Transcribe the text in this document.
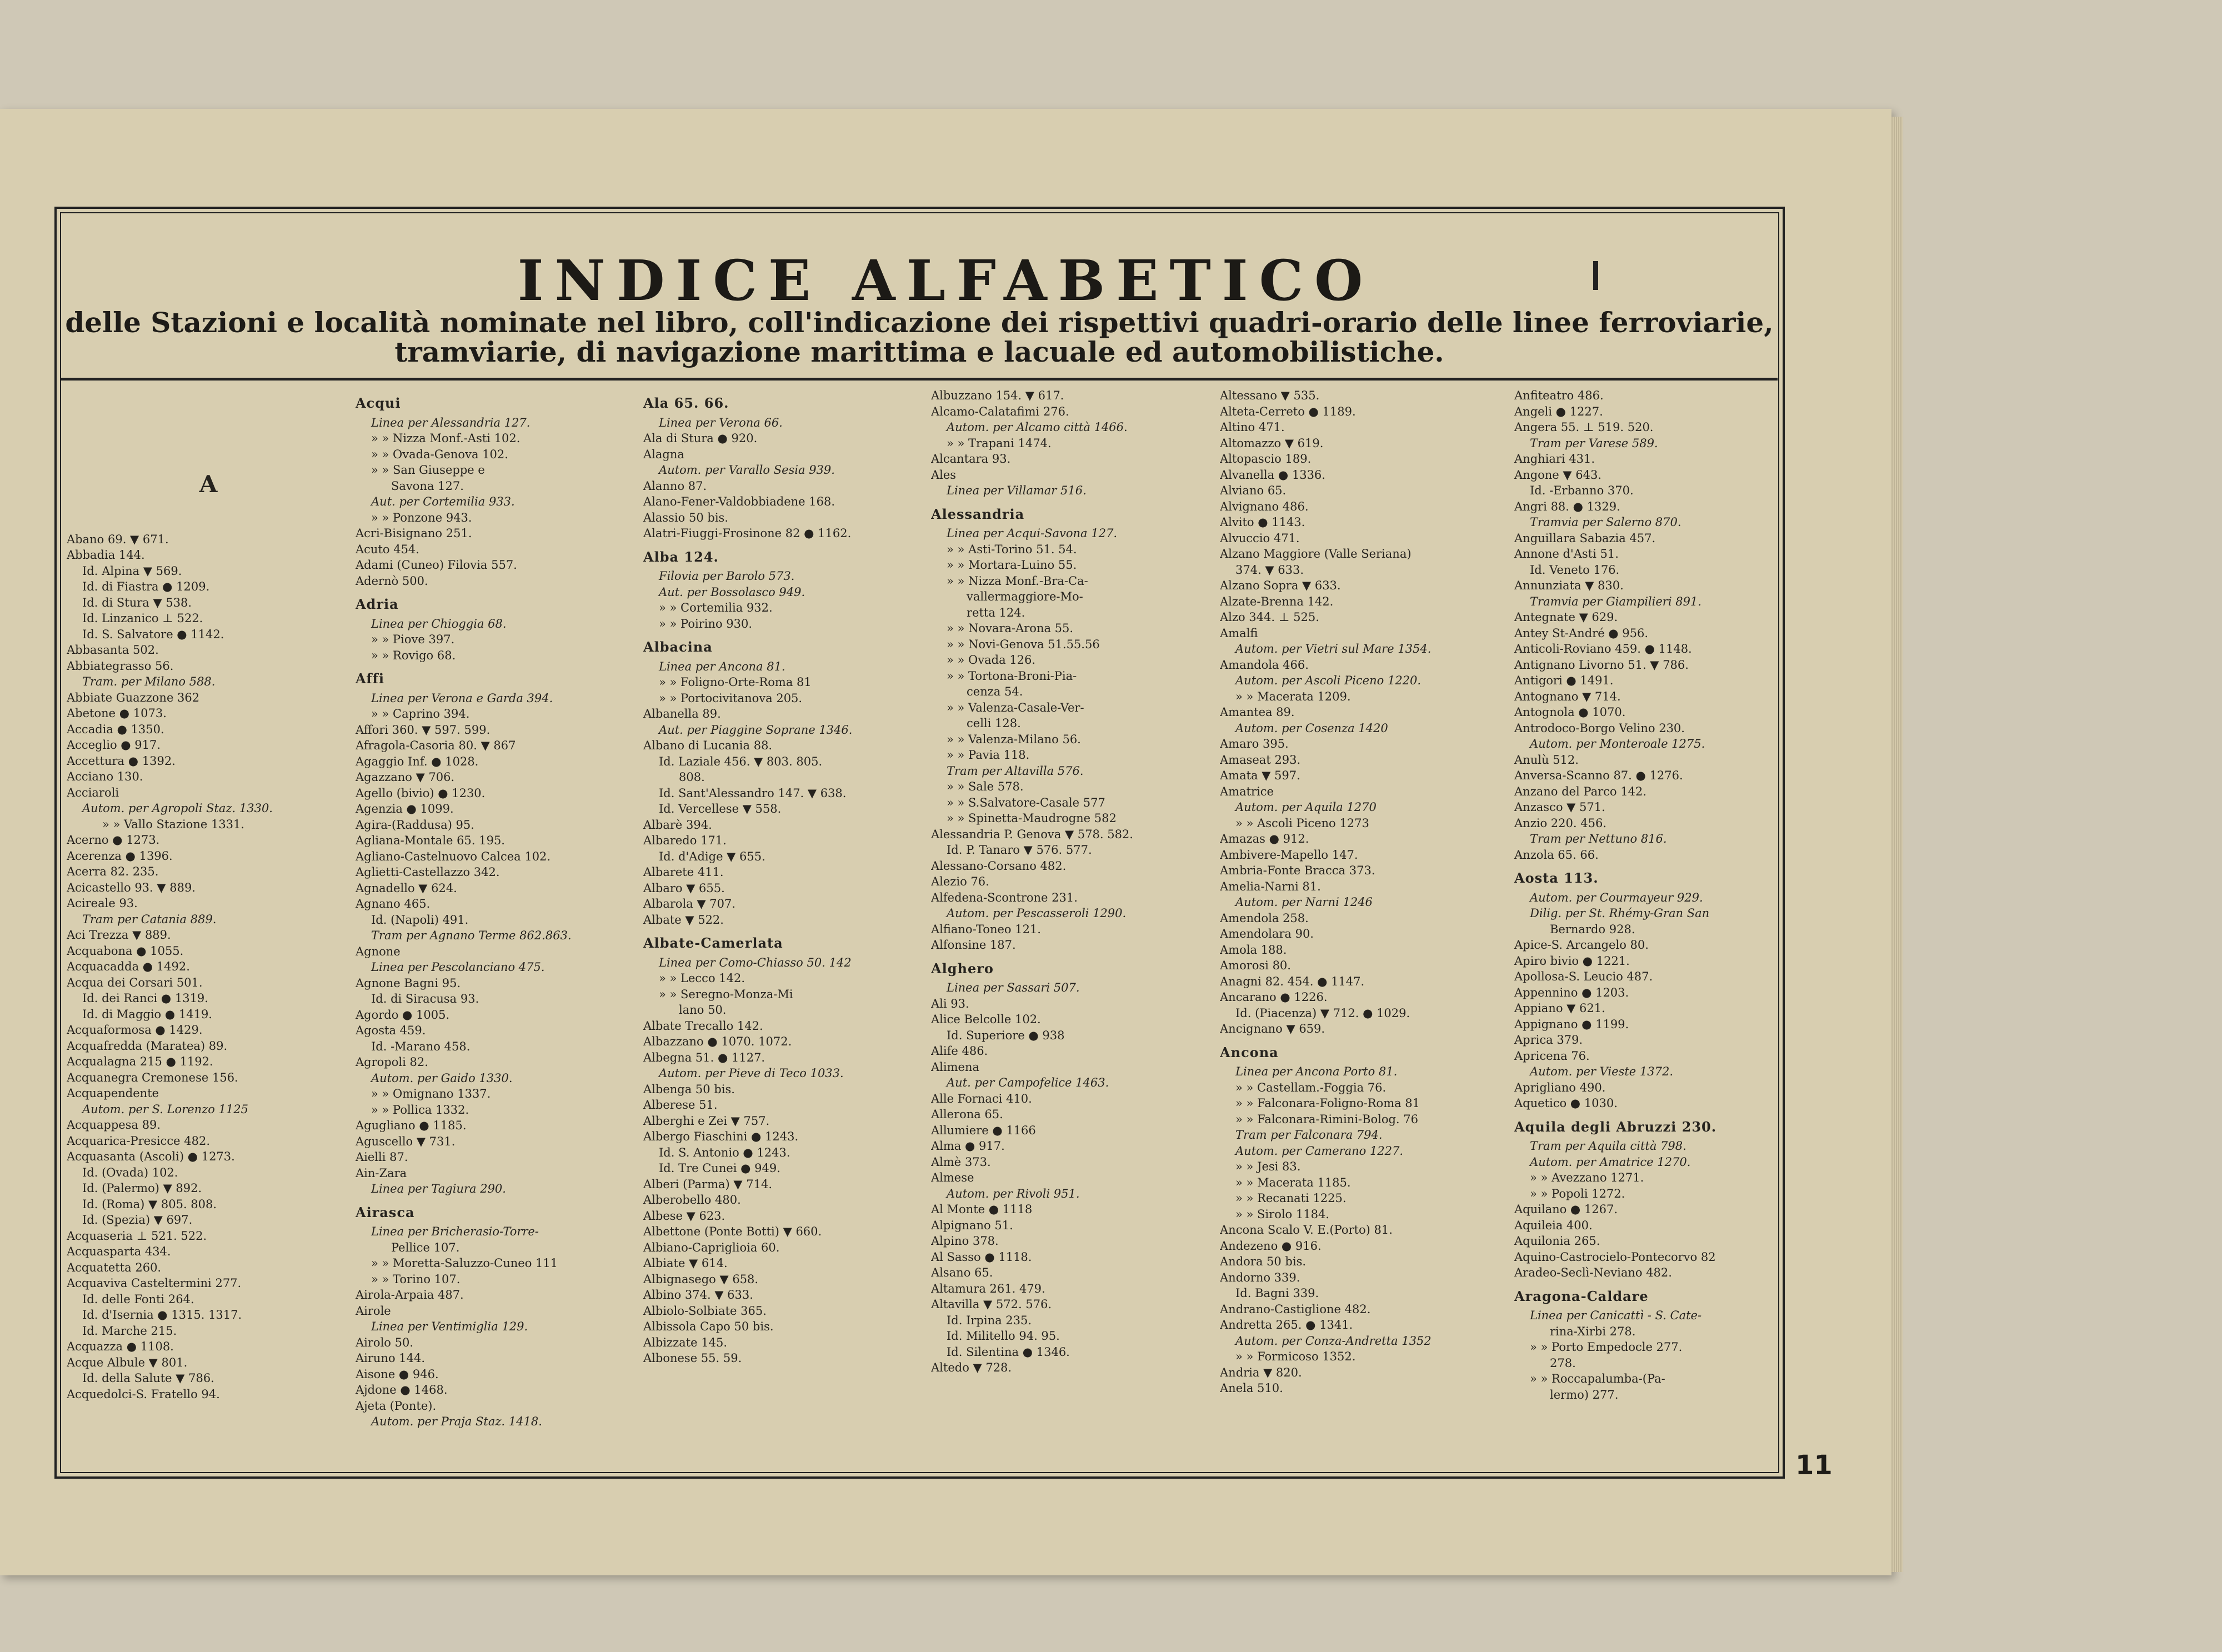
INDICE ALFABETICO
delle Stazioni e località nominate nel libro, coll'indicazione dei rispettivi quadri-orario delle linee ferroviarie,
tramviarie, di navigazione marittima e lacuale ed automobilistiche.
A
Abano 69. ▼ 671.
Abbadia 144.
Id. Alpina ▼ 569.
Id. di Fiastra ● 1209.
Id. di Stura ▼ 538.
Id. Linzanico ⊥ 522.
Id. S. Salvatore ● 1142.
Abbasanta 502.
Abbiategrasso 56.
Tram. per Milano 588.
Abbiate Guazzone 362
Abetone ● 1073.
Accadia ● 1350.
Acceglio ● 917.
Accettura ● 1392.
Acciano 130.
Acciaroli
Autom. per Agropoli Staz. 1330.
» » Vallo Stazione 1331.
Acerno ● 1273.
Acerenza ● 1396.
Acerra 82. 235.
Acicastello 93. ▼ 889.
Acireale 93.
Tram per Catania 889.
Aci Trezza ▼ 889.
Acquabona ● 1055.
Acquacadda ● 1492.
Acqua dei Corsari 501.
Id. dei Ranci ● 1319.
Id. di Maggio ● 1419.
Acquaformosa ● 1429.
Acquafredda (Maratea) 89.
Acqualagna 215 ● 1192.
Acquanegra Cremonese 156.
Acquapendente
Autom. per S. Lorenzo 1125
Acquappesa 89.
Acquarica-Presicce 482.
Acquasanta (Ascoli) ● 1273.
Id. (Ovada) 102.
Id. (Palermo) ▼ 892.
Id. (Roma) ▼ 805. 808.
Id. (Spezia) ▼ 697.
Acquaseria ⊥ 521. 522.
Acquasparta 434.
Acquatetta 260.
Acquaviva Casteltermini 277.
Id. delle Fonti 264.
Id. d'Isernia ● 1315. 1317.
Id. Marche 215.
Acquazza ● 1108.
Acque Albule ▼ 801.
Id. della Salute ▼ 786.
Acquedolci-S. Fratello 94.
Acqui
Linea per Alessandria 127.
» » Nizza Monf.-Asti 102.
» » Ovada-Genova 102.
» » San Giuseppe e
Savona 127.
Aut. per Cortemilia 933.
» » Ponzone 943.
Acri-Bisignano 251.
Acuto 454.
Adami (Cuneo) Filovia 557.
Adernò 500.
Adria
Linea per Chioggia 68.
» » Piove 397.
» » Rovigo 68.
Affi
Linea per Verona e Garda 394.
» » Caprino 394.
Affori 360. ▼ 597. 599.
Afragola-Casoria 80. ▼ 867
Agaggio Inf. ● 1028.
Agazzano ▼ 706.
Agello (bivio) ● 1230.
Agenzia ● 1099.
Agira-(Raddusa) 95.
Agliana-Montale 65. 195.
Agliano-Castelnuovo Calcea 102.
Aglietti-Castellazzo 342.
Agnadello ▼ 624.
Agnano 465.
Id. (Napoli) 491.
Tram per Agnano Terme 862.863.
Agnone
Linea per Pescolanciano 475.
Agnone Bagni 95.
Id. di Siracusa 93.
Agordo ● 1005.
Agosta 459.
Id. -Marano 458.
Agropoli 82.
Autom. per Gaido 1330.
» » Omignano 1337.
» » Pollica 1332.
Agugliano ● 1185.
Aguscello ▼ 731.
Aielli 87.
Ain-Zara
Linea per Tagiura 290.
Airasca
Linea per Bricherasio-Torre-
Pellice 107.
» » Moretta-Saluzzo-Cuneo 111
» » Torino 107.
Airola-Arpaia 487.
Airole
Linea per Ventimiglia 129.
Airolo 50.
Airuno 144.
Aisone ● 946.
Ajdone ● 1468.
Ajeta (Ponte).
Autom. per Praja Staz. 1418.
Ala 65. 66.
Linea per Verona 66.
Ala di Stura ● 920.
Alagna
Autom. per Varallo Sesia 939.
Alanno 87.
Alano-Fener-Valdobbiadene 168.
Alassio 50 bis.
Alatri-Fiuggi-Frosinone 82 ● 1162.
Alba 124.
Filovia per Barolo 573.
Aut. per Bossolasco 949.
» » Cortemilia 932.
» » Poirino 930.
Albacina
Linea per Ancona 81.
» » Foligno-Orte-Roma 81
» » Portocivitanova 205.
Albanella 89.
Aut. per Piaggine Soprane 1346.
Albano di Lucania 88.
Id. Laziale 456. ▼ 803. 805.
808.
Id. Sant'Alessandro 147. ▼ 638.
Id. Vercellese ▼ 558.
Albarè 394.
Albaredo 171.
Id. d'Adige ▼ 655.
Albarete 411.
Albaro ▼ 655.
Albarola ▼ 707.
Albate ▼ 522.
Albate-Camerlata
Linea per Como-Chiasso 50. 142
» » Lecco 142.
» » Seregno-Monza-Mi
lano 50.
Albate Trecallo 142.
Albazzano ● 1070. 1072.
Albegna 51. ● 1127.
Autom. per Pieve di Teco 1033.
Albenga 50 bis.
Alberese 51.
Alberghi e Zei ▼ 757.
Albergo Fiaschini ● 1243.
Id. S. Antonio ● 1243.
Id. Tre Cunei ● 949.
Alberi (Parma) ▼ 714.
Alberobello 480.
Albese ▼ 623.
Albettone (Ponte Botti) ▼ 660.
Albiano-Capriglioia 60.
Albiate ▼ 614.
Albignasego ▼ 658.
Albino 374. ▼ 633.
Albiolo-Solbiate 365.
Albissola Capo 50 bis.
Albizzate 145.
Albonese 55. 59.
Albuzzano 154. ▼ 617.
Alcamo-Calatafimi 276.
Autom. per Alcamo città 1466.
» » Trapani 1474.
Alcantara 93.
Ales
Linea per Villamar 516.
Alessandria
Linea per Acqui-Savona 127.
» » Asti-Torino 51. 54.
» » Mortara-Luino 55.
» » Nizza Monf.-Bra-Ca-
vallermaggiore-Mo-
retta 124.
» » Novara-Arona 55.
» » Novi-Genova 51.55.56
» » Ovada 126.
» » Tortona-Broni-Pia-
cenza 54.
» » Valenza-Casale-Ver-
celli 128.
» » Valenza-Milano 56.
» » Pavia 118.
Tram per Altavilla 576.
» » Sale 578.
» » S.Salvatore-Casale 577
» » Spinetta-Maudrogne 582
Alessandria P. Genova ▼ 578. 582.
Id. P. Tanaro ▼ 576. 577.
Alessano-Corsano 482.
Alezio 76.
Alfedena-Scontrone 231.
Autom. per Pescasseroli 1290.
Alfiano-Toneo 121.
Alfonsine 187.
Alghero
Linea per Sassari 507.
Ali 93.
Alice Belcolle 102.
Id. Superiore ● 938
Alife 486.
Alimena
Aut. per Campofelice 1463.
Alle Fornaci 410.
Allerona 65.
Allumiere ● 1166
Alma ● 917.
Almè 373.
Almese
Autom. per Rivoli 951.
Al Monte ● 1118
Alpignano 51.
Alpino 378.
Al Sasso ● 1118.
Alsano 65.
Altamura 261. 479.
Altavilla ▼ 572. 576.
Id. Irpina 235.
Id. Militello 94. 95.
Id. Silentina ● 1346.
Altedo ▼ 728.
Altessano ▼ 535.
Alteta-Cerreto ● 1189.
Altino 471.
Altomazzo ▼ 619.
Altopascio 189.
Alvanella ● 1336.
Alviano 65.
Alvignano 486.
Alvito ● 1143.
Alvuccio 471.
Alzano Maggiore (Valle Seriana)
374. ▼ 633.
Alzano Sopra ▼ 633.
Alzate-Brenna 142.
Alzo 344. ⊥ 525.
Amalfi
Autom. per Vietri sul Mare 1354.
Amandola 466.
Autom. per Ascoli Piceno 1220.
» » Macerata 1209.
Amantea 89.
Autom. per Cosenza 1420
Amaro 395.
Amaseat 293.
Amata ▼ 597.
Amatrice
Autom. per Aquila 1270
» » Ascoli Piceno 1273
Amazas ● 912.
Ambivere-Mapello 147.
Ambria-Fonte Bracca 373.
Amelia-Narni 81.
Autom. per Narni 1246
Amendola 258.
Amendolara 90.
Amola 188.
Amorosi 80.
Anagni 82. 454. ● 1147.
Ancarano ● 1226.
Id. (Piacenza) ▼ 712. ● 1029.
Ancignano ▼ 659.
Ancona
Linea per Ancona Porto 81.
» » Castellam.-Foggia 76.
» » Falconara-Foligno-Roma 81
» » Falconara-Rimini-Bolog. 76
Tram per Falconara 794.
Autom. per Camerano 1227.
» » Jesi 83.
» » Macerata 1185.
» » Recanati 1225.
» » Sirolo 1184.
Ancona Scalo V. E.(Porto) 81.
Andezeno ● 916.
Andora 50 bis.
Andorno 339.
Id. Bagni 339.
Andrano-Castiglione 482.
Andretta 265. ● 1341.
Autom. per Conza-Andretta 1352
» » Formicoso 1352.
Andria ▼ 820.
Anela 510.
Anfiteatro 486.
Angeli ● 1227.
Angera 55. ⊥ 519. 520.
Tram per Varese 589.
Anghiari 431.
Angone ▼ 643.
Id. -Erbanno 370.
Angri 88. ● 1329.
Tramvia per Salerno 870.
Anguillara Sabazia 457.
Annone d'Asti 51.
Id. Veneto 176.
Annunziata ▼ 830.
Tramvia per Giampilieri 891.
Antegnate ▼ 629.
Antey St-André ● 956.
Anticoli-Roviano 459. ● 1148.
Antignano Livorno 51. ▼ 786.
Antigori ● 1491.
Antognano ▼ 714.
Antognola ● 1070.
Antrodoco-Borgo Velino 230.
Autom. per Monteroale 1275.
Anulù 512.
Anversa-Scanno 87. ● 1276.
Anzano del Parco 142.
Anzasco ▼ 571.
Anzio 220. 456.
Tram per Nettuno 816.
Anzola 65. 66.
Aosta 113.
Autom. per Courmayeur 929.
Dilig. per St. Rhémy-Gran San
Bernardo 928.
Apice-S. Arcangelo 80.
Apiro bivio ● 1221.
Apollosa-S. Leucio 487.
Appennino ● 1203.
Appiano ▼ 621.
Appignano ● 1199.
Aprica 379.
Apricena 76.
Autom. per Vieste 1372.
Aprigliano 490.
Aquetico ● 1030.
Aquila degli Abruzzi 230.
Tram per Aquila città 798.
Autom. per Amatrice 1270.
» » Avezzano 1271.
» » Popoli 1272.
Aquilano ● 1267.
Aquileia 400.
Aquilonia 265.
Aquino-Castrocielo-Pontecorvo 82
Aradeo-Seclì-Neviano 482.
Aragona-Caldare
Linea per Canicattì - S. Cate-
rina-Xirbi 278.
» » Porto Empedocle 277.
278.
» » Roccapalumba-(Pa-
lermo) 277.
11
